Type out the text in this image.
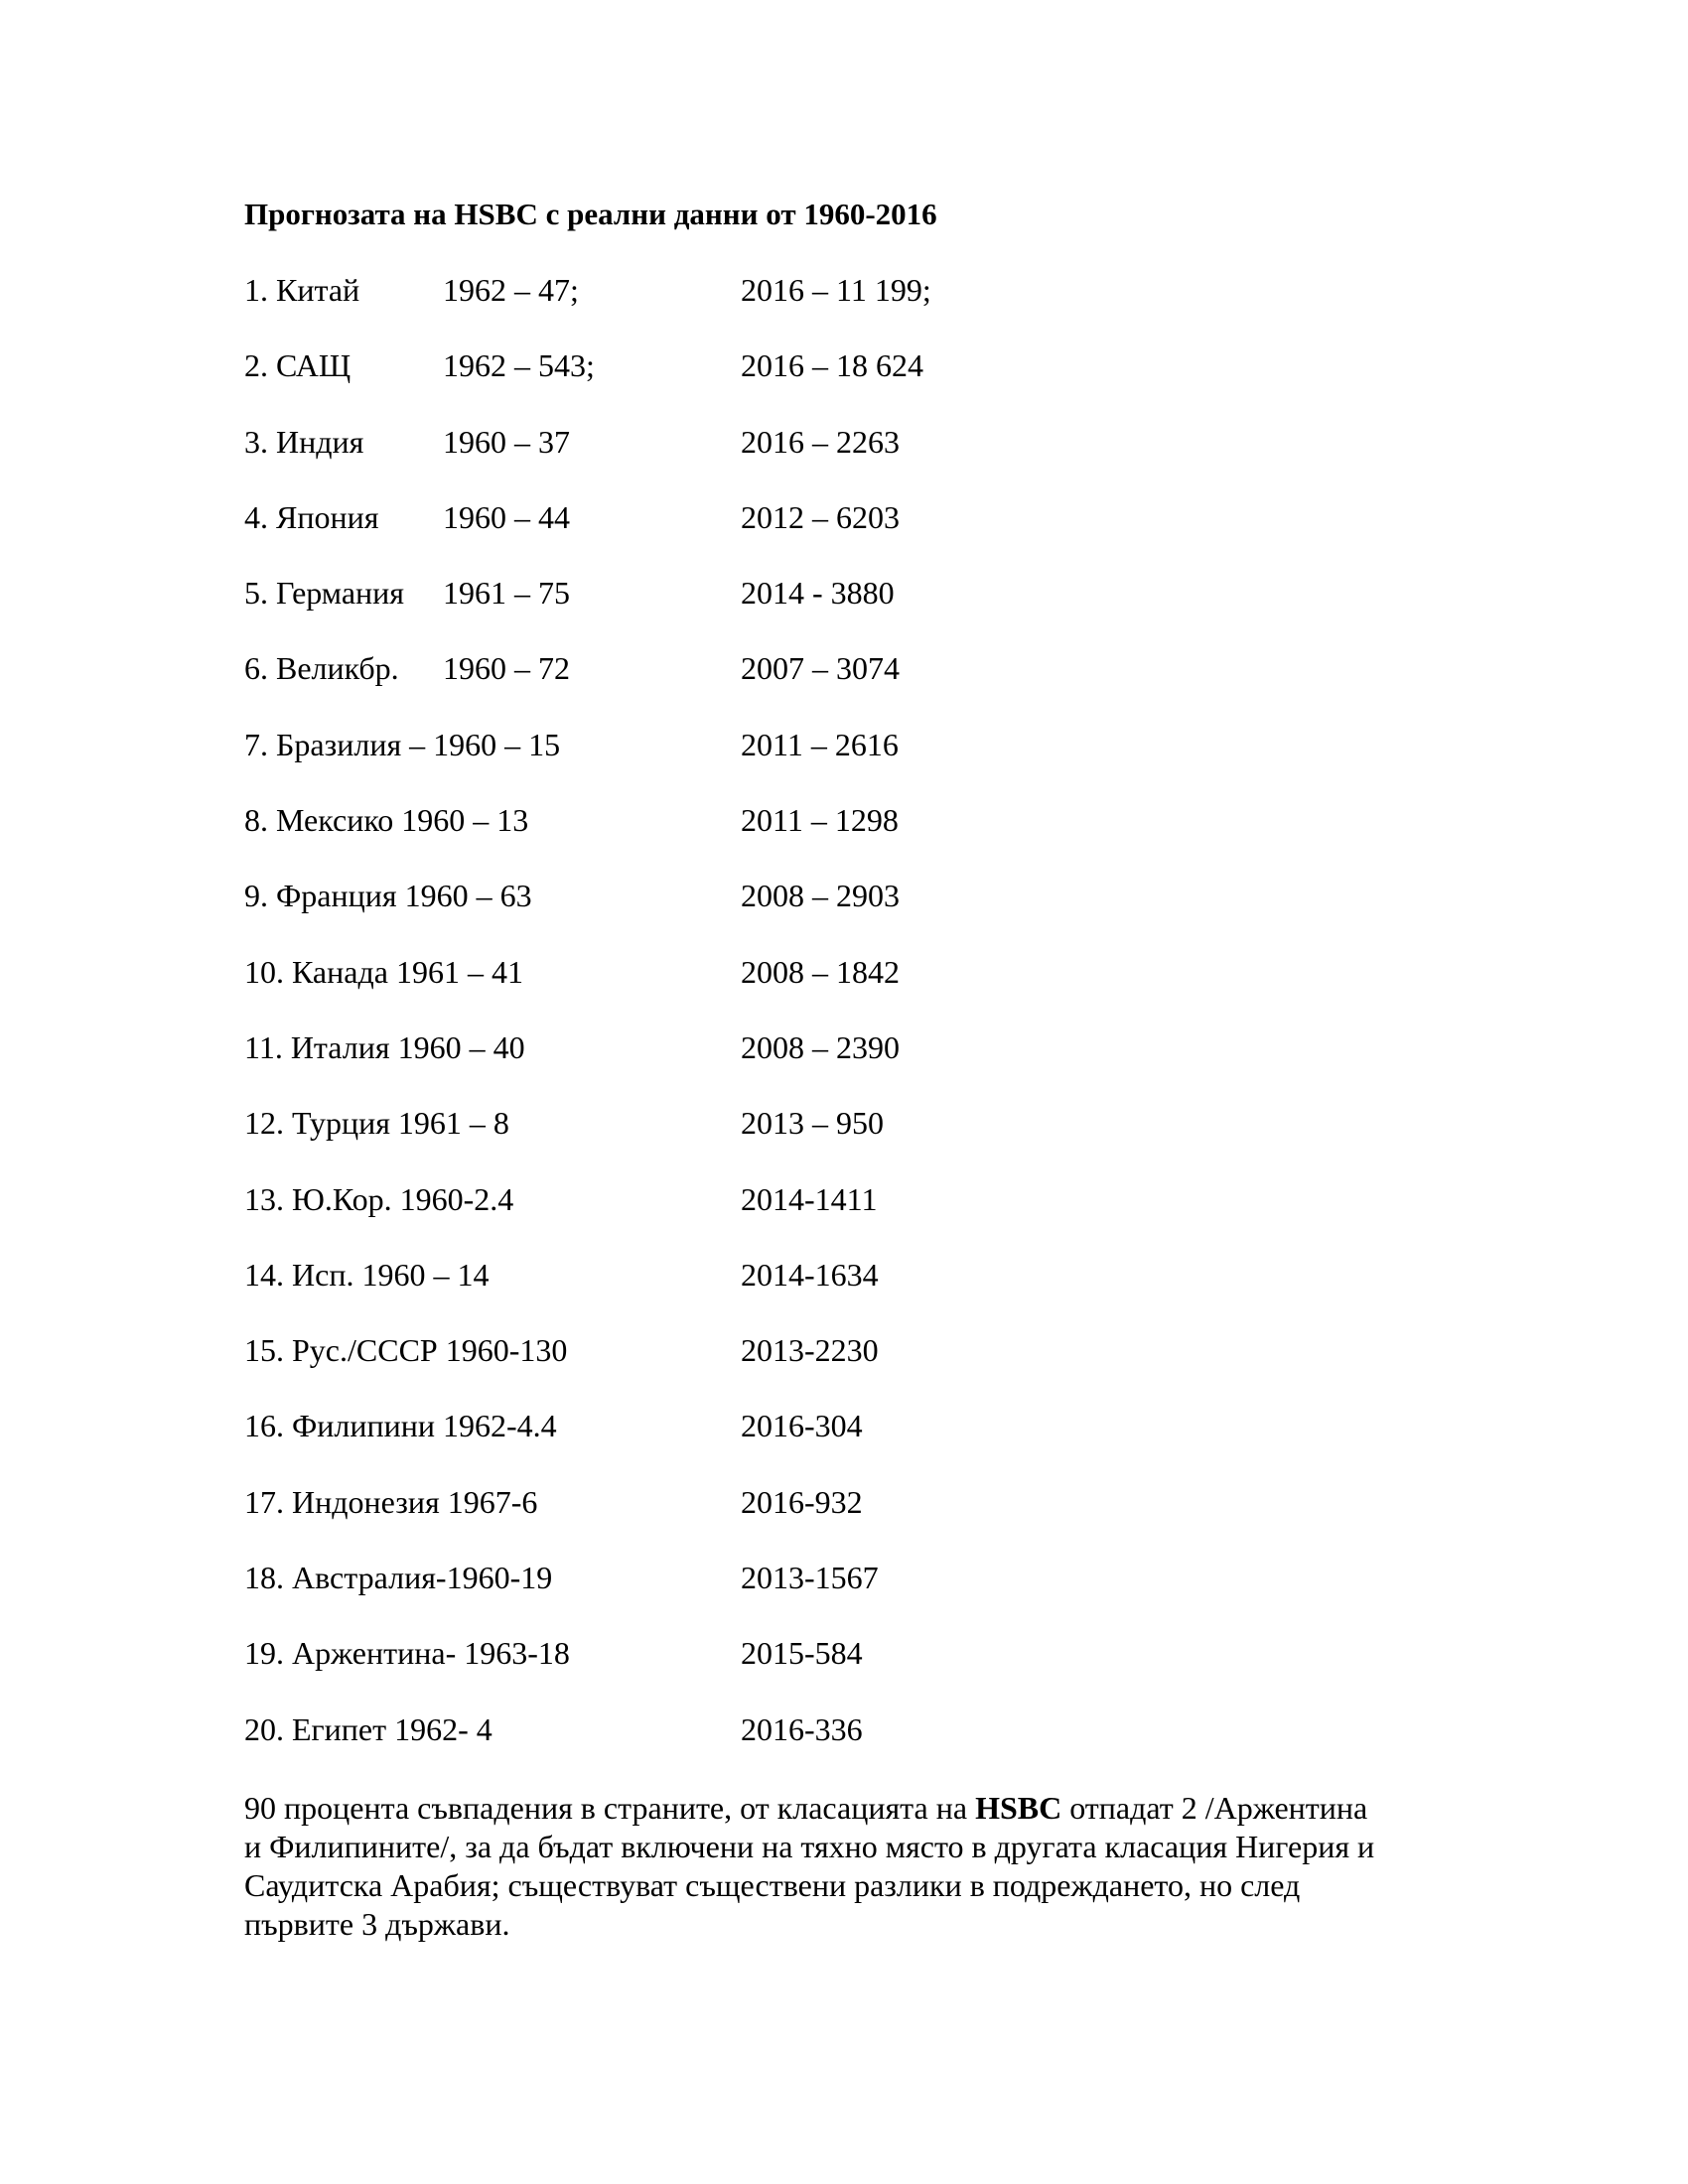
Прогнозата на HSBC с реални данни от 1960-2016
1. Китай	1962 – 47;	2016 – 11 199;
2. САЩ	1962 – 543;	2016 – 18 624
3. Индия 1960 – 37	2016 – 2263
4. Япония 1960 – 44	2012 – 6203
5. Германия 1961 – 75	2014 - 3880
6. Великбр. 1960 – 72	2007 – 3074
7. Бразилия – 1960 – 15	2011 – 2616
8. Мексико 1960 – 13	2011 – 1298
9. Франция 1960 – 63	2008 – 2903
10. Канада 1961 – 41	2008 – 1842
11. Италия 1960 – 40	2008 – 2390
12. Турция 1961 – 8	2013 – 950
13. Ю.Кор. 1960-2.4	2014-1411
14. Исп. 1960 – 14	2014-1634
15. Рус./СССР 1960-130	2013-2230
16. Филипини 1962-4.4	2016-304
17. Индонезия 1967-6	2016-932
18. Австралия-1960-19	2013-1567
19. Аржентина- 1963-18	2015-584
20. Египет 1962- 4	2016-336
90 процента съвпадения в страните, от класацията на HSBC отпадат 2 /Аржентина
и Филипините/, за да бъдат включени на тяхно място в другата класация Нигерия и
Саудитска Арабия; съществуват съществени разлики в подреждането, но след
първите 3 държави.
